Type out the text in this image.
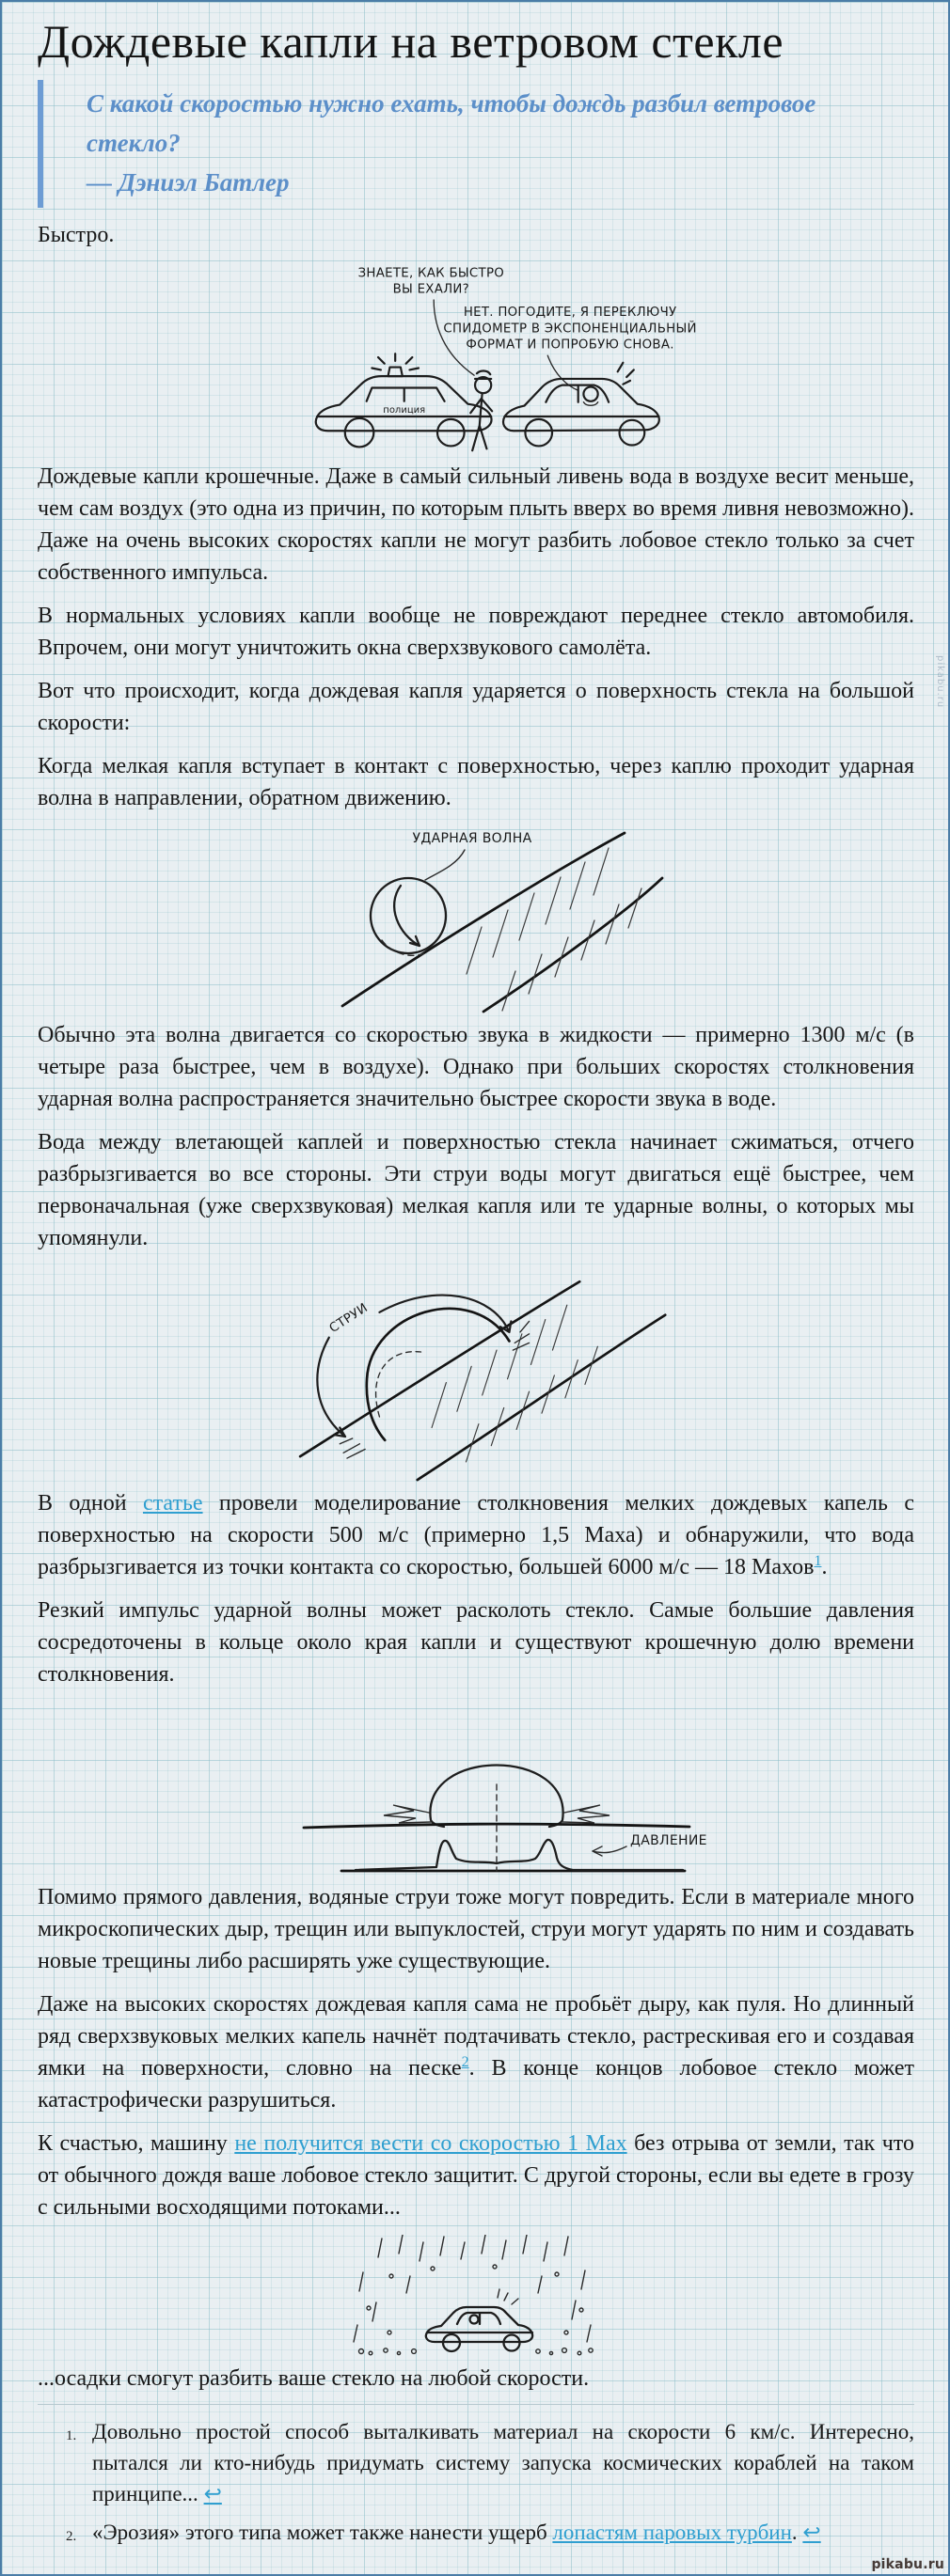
Дождевые капли на ветровом стекле

С какой скоростью нужно ехать, чтобы дождь разбил ветровое стекло?

— Дэниэл Батлер

Быстро.

ЗНАЕТЕ, КАК БЫСТРО
ВЫ ЕХАЛИ?
НЕТ. ПОГОДИТЕ, Я ПЕРЕКЛЮЧУ
СПИДОМЕТР В ЭКСПОНЕНЦИАЛЬНЫЙ
ФОРМАТ И ПОПРОБУЮ СНОВА.
полиция

Дождевые капли крошечные. Даже в самый сильный ливень вода в воздухе весит меньше, чем сам воздух (это одна из причин, по которым плыть вверх во время ливня невозможно). Даже на очень высоких скоростях капли не могут разбить лобовое стекло только за счет собственного импульса.

В нормальных условиях капли вообще не повреждают переднее стекло автомобиля. Впрочем, они могут уничтожить окна сверхзвукового самолёта.

Вот что происходит, когда дождевая капля ударяется о поверхность стекла на большой скорости:

Когда мелкая капля вступает в контакт с поверхностью, через каплю проходит ударная волна в направлении, обратном движению.

УДАРНАЯ ВОЛНА

Обычно эта волна двигается со скоростью звука в жидкости — примерно 1300 м/с (в четыре раза быстрее, чем в воздухе). Однако при больших скоростях столкновения ударная волна распространяется значительно быстрее скорости звука в воде.

Вода между влетающей каплей и поверхностью стекла начинает сжиматься, отчего разбрызгивается во все стороны. Эти струи воды могут двигаться ещё быстрее, чем первоначальная (уже сверхзвуковая) мелкая капля или те ударные волны, о которых мы упомянули.

СТРУИ

В одной статье провели моделирование столкновения мелких дождевых капель с поверхностью на скорости 500 м/с (примерно 1,5 Маха) и обнаружили, что вода разбрызгивается из точки контакта со скоростью, большей 6000 м/с — 18 Махов$^1$.

Резкий импульс ударной волны может расколоть стекло. Самые большие давления сосредоточены в кольце около края капли и существуют крошечную долю времени столкновения.

ДАВЛЕНИЕ

Помимо прямого давления, водяные струи тоже могут повредить. Если в материале много микроскопических дыр, трещин или выпуклостей, струи могут ударять по ним и создавать новые трещины либо расширять уже существующие.

Даже на высоких скоростях дождевая капля сама не пробьёт дыру, как пуля. Но длинный ряд сверхзвуковых мелких капель начнёт подтачивать стекло, растрескивая его и создавая ямки на поверхности, словно на песке$^2$. В конце концов лобовое стекло может катастрофически разрушиться.

К счастью, машину не получится вести со скоростью 1 Мах без отрыва от земли, так что от обычного дождя ваше лобовое стекло защитит. С другой стороны, если вы едете в грозу с сильными восходящими потоками...

...осадки смогут разбить ваше стекло на любой скорости.

1. Довольно простой способ выталкивать материал на скорости 6 км/с. Интересно, пытался ли кто-нибудь придумать систему запуска космических кораблей на таком принципе... ↩
2. «Эрозия» этого типа может также нанести ущерб лопастям паровых турбин. ↩
pikabu.ru
pikabu.ru
